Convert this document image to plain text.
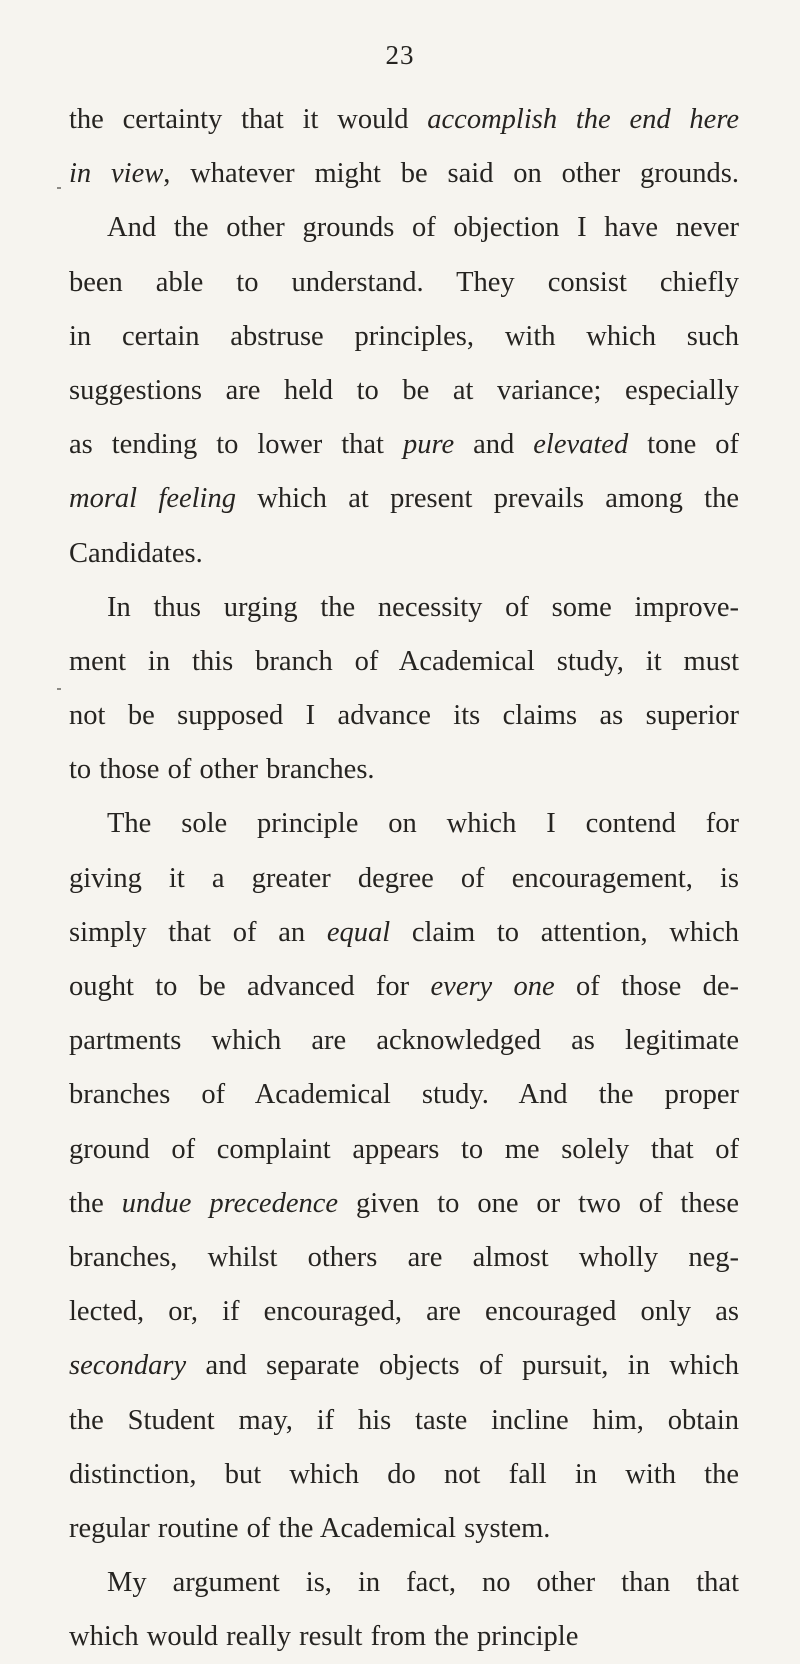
23
the certainty that it would accomplish the end here
in view, whatever might be said on other grounds.
And the other grounds of objection I have never
been able to understand. They consist chiefly
in certain abstruse principles, with which such
suggestions are held to be at variance; especially
as tending to lower that pure and elevated tone of
moral feeling which at present prevails among the
Candidates.
In thus urging the necessity of some improve-
ment in this branch of Academical study, it must
not be supposed I advance its claims as superior
to those of other branches.
The sole principle on which I contend for
giving it a greater degree of encouragement, is
simply that of an equal claim to attention, which
ought to be advanced for every one of those de-
partments which are acknowledged as legitimate
branches of Academical study. And the proper
ground of complaint appears to me solely that of
the undue precedence given to one or two of these
branches, whilst others are almost wholly neg-
lected, or, if encouraged, are encouraged only as
secondary and separate objects of pursuit, in which
the Student may, if his taste incline him, obtain
distinction, but which do not fall in with the
regular routine of the Academical system.
My argument is, in fact, no other than that
which would really result from the principle
